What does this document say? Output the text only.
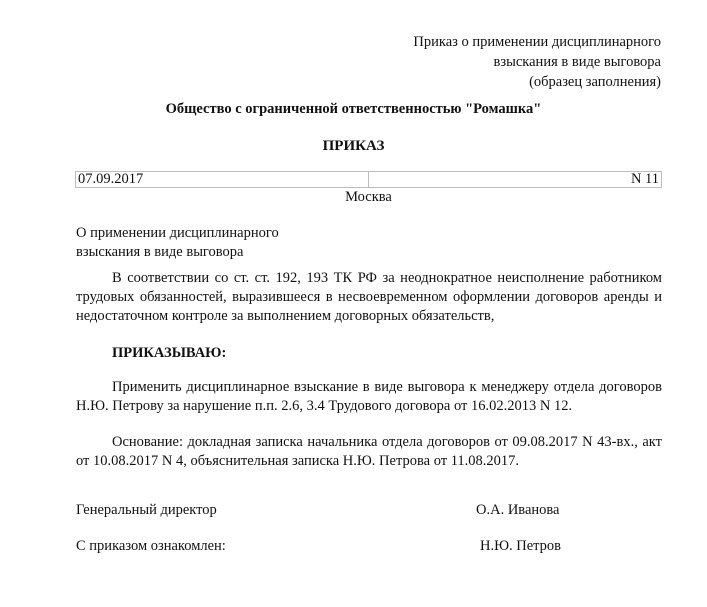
Приказ о применении дисциплинарного
взыскания в виде выговора
(образец заполнения)
Общество с ограниченной ответственностью "Ромашка"
ПРИКАЗ
07.09.2017	N 11
Москва
О применении дисциплинарного
взыскания в виде выговора
В соответствии со ст. ст. 192, 193 ТК РФ за неоднократное неисполнение работником трудовых обязанностей, выразившееся в несвоевременном оформлении договоров аренды и недостаточном контроле за выполнением договорных обязательств,
ПРИКАЗЫВАЮ:
Применить дисциплинарное взыскание в виде выговора к менеджеру отдела договоров Н.Ю. Петрову за нарушение п.п. 2.6, 3.4 Трудового договора от 16.02.2013 N 12.
Основание: докладная записка начальника отдела договоров от 09.08.2017 N 43-вх., акт от 10.08.2017 N 4, объяснительная записка Н.Ю. Петрова от 11.08.2017.
Генеральный директор	О.А. Иванова
С приказом ознакомлен:	Н.Ю. Петров
